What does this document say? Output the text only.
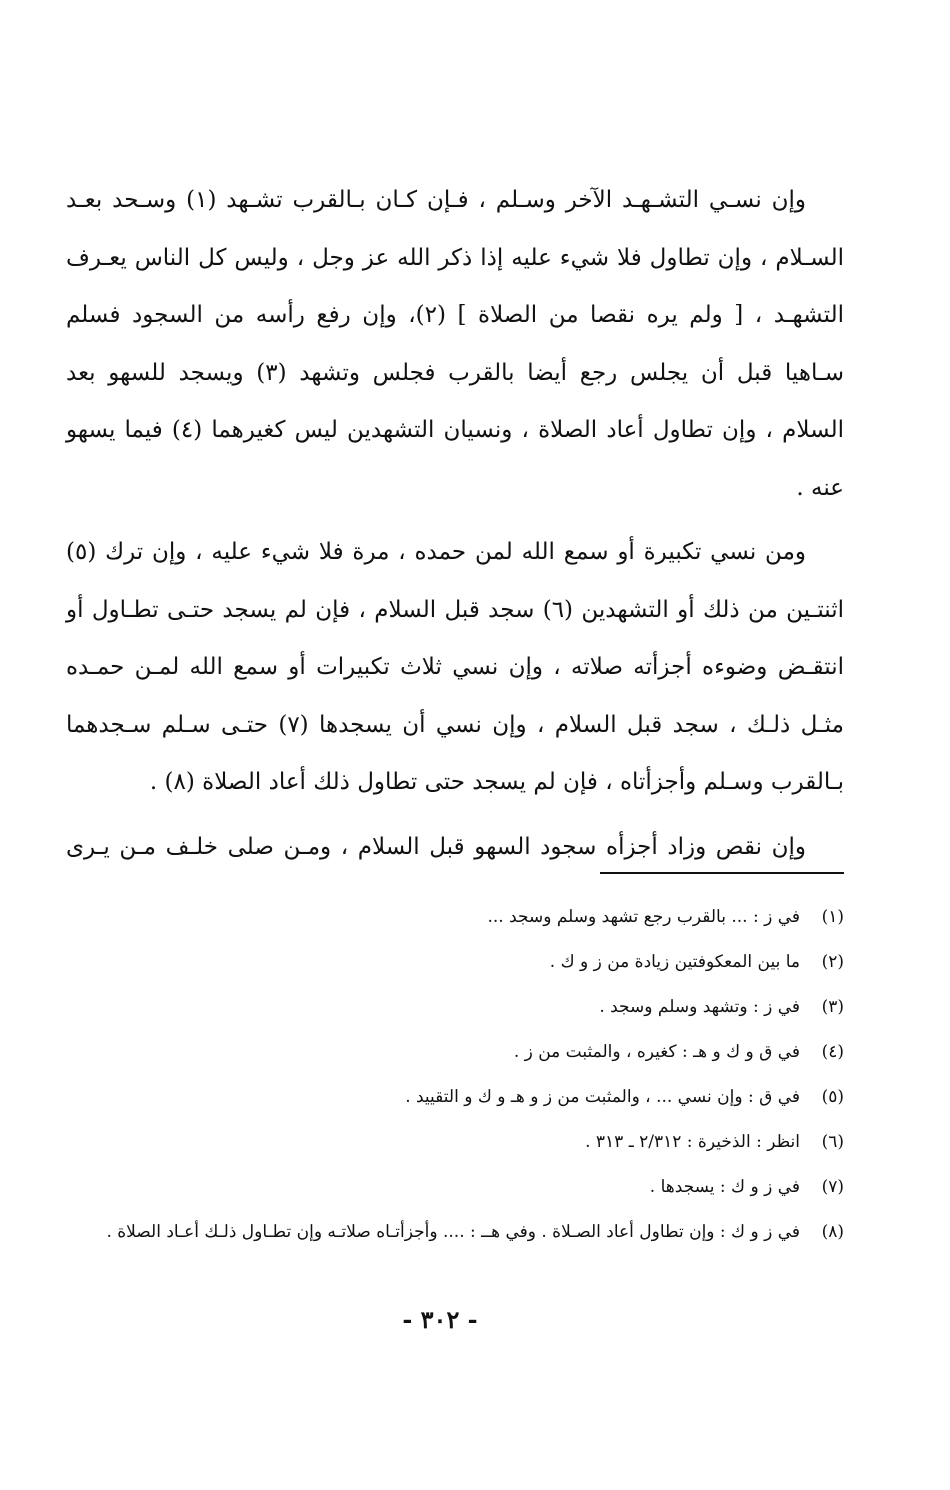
وإن نسـي التشـهـد الآخر وسـلم ، فـإن كـان بـالقرب تشـهد (١) وسـحد بعـد السـلام ، وإن تطاول فلا شيء عليه إذا ذكر الله عز وجل ، وليس كل الناس يعـرف التشهـد ، [ ولم يره نقصا من الصلاة ] (٢)، وإن رفع رأسه من السجود فسلم سـاهيا قبل أن يجلس رجع أيضا بالقرب فجلس وتشهد (٣) ويسجد للسهو بعد السلام ، وإن تطاول أعاد الصلاة ، ونسيان التشهدين ليس كغيرهما (٤) فيما يسهو عنه .

ومن نسي تكبيرة أو سمع الله لمن حمده ، مرة فلا شيء عليه ، وإن ترك (٥) اثنتـين من ذلك أو التشهدين (٦) سجد قبل السلام ، فإن لم يسجد حتـى تطـاول أو انتقـض وضوءه أجزأته صلاته ، وإن نسي ثلاث تكبيرات أو سمع الله لمـن حمـده مثـل ذلـك ، سجد قبل السلام ، وإن نسي أن يسجدها (٧) حتـى سـلم سـجدهما بـالقرب وسـلم وأجزأتاه ، فإن لم يسجد حتى تطاول ذلك أعاد الصلاة (٨) .

وإن نقص وزاد أجزأه سجود السهو قبل السلام ، ومـن صلى خلـف مـن يـرى

(١)
في ز : ... بالقرب رجع تشهد وسلم وسجد ...
(٢)
ما بين المعكوفتين زيادة من ز و ك .
(٣)
في ز : وتشهد وسلم وسجد .
(٤)
في ق و ك و هـ : كغيره ، والمثبت من ز .
(٥)
في ق : وإن نسي ... ، والمثبت من ز و هـ و ك و التقييد .
(٦)
انظر : الذخيرة : ٢/٣١٢ ـ ٣١٣ .
(٧)
في ز و ك : يسجدها .
(٨)
في ز و ك : وإن تطاول أعاد الصـلاة . وفي هــ : .... وأجزأتـاه صلاتـه وإن تطـاول ذلـك أعـاد الصلاة .
- ٣٠٢ -
